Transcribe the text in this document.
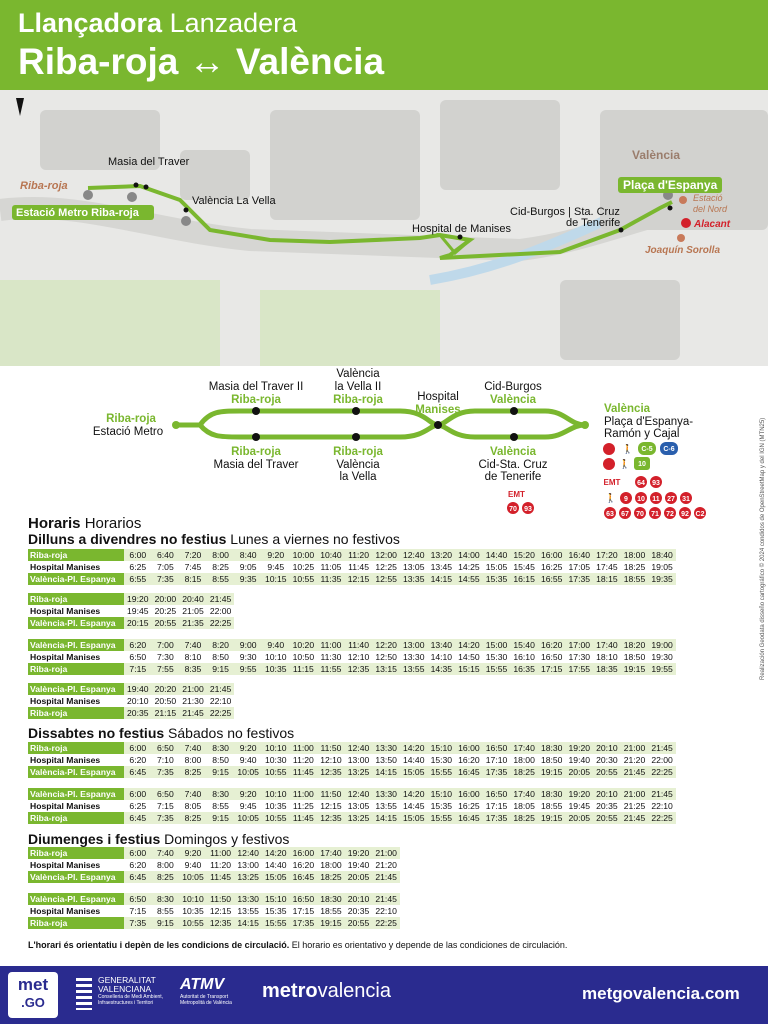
Llançadora Lanzadera
Riba-roja ↔ València
Riba-roja
Estació Metro Riba-roja
Masia del Traver
València La Vella
Hospital de Manises
Cid-Burgos | Sta. Cruz
de Tenerife
València
Plaça d'Espanya
Estació
del Nord
Alacant
Joaquín Sorolla
Riba-roja
Estació Metro
Masia del Traver II
Riba-roja
València
la Vella II
Riba-roja	Hospital
Manises
Cid-Burgos
València
Riba-roja
Masia del Traver
Riba-roja
València
la Vella
València
Cid-Sta. Cruz
de Tenerife
València
Plaça d'Espanya-
Ramón y Cajal
EMT
70 93
🚶 C-5 C-6
🚶 10
EMT 64 93
🚶 9 10 11 27 31
63 67 70 71 72 92 C2
Horaris Horarios
Dilluns a divendres no festius Lunes a viernes no festivos
Riba-roja	6:00	6:40	7:20	8:00	8:40	9:20	10:00	10:40	11:20	12:00	12:40	13:20	14:00	14:40	15:20	16:00	16:40	17:20	18:00	18:40
Hospital Manises	6:25	7:05	7:45	8:25	9:05	9:45	10:25	11:05	11:45	12:25	13:05	13:45	14:25	15:05	15:45	16:25	17:05	17:45	18:25	19:05
València-Pl. Espanya	6:55	7:35	8:15	8:55	9:35	10:15	10:55	11:35	12:15	12:55	13:35	14:15	14:55	15:35	16:15	16:55	17:35	18:15	18:55	19:35
Riba-roja	19:20	20:00	20:40	21:45
Hospital Manises	19:45	20:25	21:05	22:00
València-Pl. Espanya	20:15	20:55	21:35	22:25
València-Pl. Espanya	6:20	7:00	7:40	8:20	9:00	9:40	10:20	11:00	11:40	12:20	13:00	13:40	14:20	15:00	15:40	16:20	17:00	17:40	18:20	19:00
Hospital Manises	6:50	7:30	8:10	8:50	9:30	10:10	10:50	11:30	12:10	12:50	13:30	14:10	14:50	15:30	16:10	16:50	17:30	18:10	18:50	19:30
Riba-roja	7:15	7:55	8:35	9:15	9:55	10:35	11:15	11:55	12:35	13:15	13:55	14:35	15:15	15:55	16:35	17:15	17:55	18:35	19:15	19:55
València-Pl. Espanya	19:40	20:20	21:00	21:45
Hospital Manises	20:10	20:50	21:30	22:10
Riba-roja	20:35	21:15	21:45	22:25
Dissabtes no festius Sábados no festivos
Riba-roja	6:00	6:50	7:40	8:30	9:20	10:10	11:00	11:50	12:40	13:30	14:20	15:10	16:00	16:50	17:40	18:30	19:20	20:10	21:00	21:45
Hospital Manises	6:20	7:10	8:00	8:50	9:40	10:30	11:20	12:10	13:00	13:50	14:40	15:30	16:20	17:10	18:00	18:50	19:40	20:30	21:20	22:00
València-Pl. Espanya	6:45	7:35	8:25	9:15	10:05	10:55	11:45	12:35	13:25	14:15	15:05	15:55	16:45	17:35	18:25	19:15	20:05	20:55	21:45	22:25
València-Pl. Espanya	6:00	6:50	7:40	8:30	9:20	10:10	11:00	11:50	12:40	13:30	14:20	15:10	16:00	16:50	17:40	18:30	19:20	20:10	21:00	21:45
Hospital Manises	6:25	7:15	8:05	8:55	9:45	10:35	11:25	12:15	13:05	13:55	14:45	15:35	16:25	17:15	18:05	18:55	19:45	20:35	21:25	22:10
Riba-roja	6:45	7:35	8:25	9:15	10:05	10:55	11:45	12:35	13:25	14:15	15:05	15:55	16:45	17:35	18:25	19:15	20:05	20:55	21:45	22:25
Diumenges i festius Domingos y festivos
Riba-roja	6:00	7:40	9:20	11:00	12:40	14:20	16:00	17:40	19:20	21:00
Hospital Manises	6:20	8:00	9:40	11:20	13:00	14:40	16:20	18:00	19:40	21:20
València-Pl. Espanya	6:45	8:25	10:05	11:45	13:25	15:05	16:45	18:25	20:05	21:45
València-Pl. Espanya	6:50	8:30	10:10	11:50	13:30	15:10	16:50	18:30	20:10	21:45
Hospital Manises	7:15	8:55	10:35	12:15	13:55	15:35	17:15	18:55	20:35	22:10
Riba-roja	7:35	9:15	10:55	12:35	14:15	15:55	17:35	19:15	20:55	22:25
L'horari és orientatiu i depèn de les condicions de circulació. El horario es orientativo y depende de las condiciones de circulación.
Realización Geodata disseño cartográfico © 2024 condidos de OpenStreetMap y del IGN (MTN25)
met
.GO
GENERALITAT
VALENCIANA
Conselleria de Medi Ambient,
Infraestructures i Territori
ATMV
Autoritat de Transport
Metropolità de València
metrovalencia	metgovalencia.com
